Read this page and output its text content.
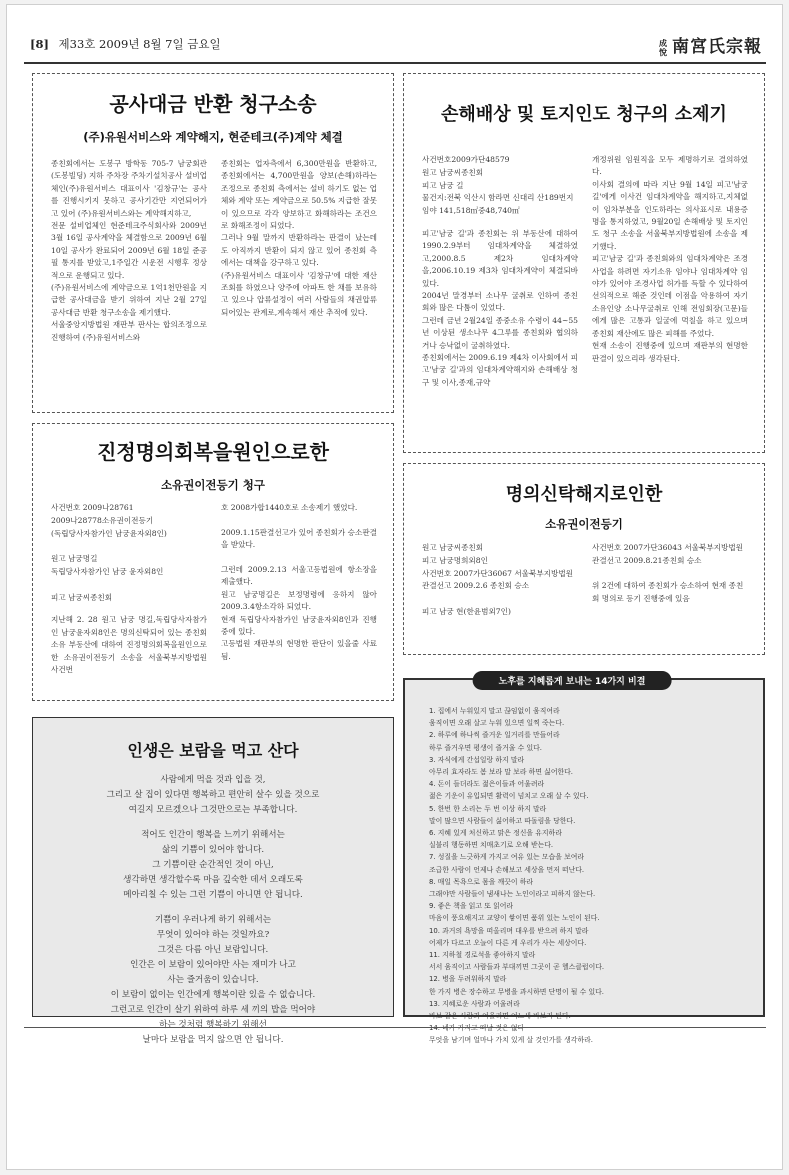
[8] 제33호 2009년 8월 7일 금요일	成 悅 南宮氏宗報
공사대금 반환 청구소송
(주)유원서비스와 계약해지, 현준테크(주)계약 체결
종친회에서는 도봉구 방학동 705-7 남궁회관(도봉빌딩) 지하 주차장 주차기설치공사 설비업체인(주)유원서비스 대표이사 '김창규'는 공사를 진행시키지 못하고 공사기간만 지연되어가고 있어 (주)유원서비스와는 계약해지하고,
전문 설비업체인 현준테크주식회사와 2009년 3월 16일 공사계약을 체결함으로 2009년 6월 10일 공사가 완료되어 2009년 6월 18일 준공필 통지를 받았고,1주일간 시운전 시행후 정상적으로 운행되고 있다.
(주)유원서비스에 계약금으로 1억1천만원을 지급한 공사대금을 받기 위하여 지난 2월 27일 공사대금 반환 청구소송을 제기했다.
서울중앙지방법원 재판부 판사는 합의조정으로 진행하여 (주)유원서비스와
종친회는 업자측에서 6,300만원을 반환하고,종친회에서는 4,700만원을 양보(손해)하라는 조정으로 종친회 측에서는 설비 하기도 없는 업체와 계약 또는 계약금으로 50.5% 지급한 잘못이 있으므로 각각 양보하고 화해하라는 조건으로 화해조정이 되었다.
그러나 9월 말까지 반환하라는 판결이 났는데도 아직까지 반환이 되지 않고 있어 종친회 측에서는 대책을 강구하고 있다.
(주)유원서비스 대표이사 '김창규'에 대한 재산조회를 하였으나 양주에 아파트 한 채를 보유하고 있으나 압류설정이 여러 사람들의 채권압류 되어있는 관계로,계속해서 재산 추적에 있다.
손해배상 및 토지인도 청구의 소제기
사건번호2009가단48579
원고 남궁씨종친회
피고 남궁 길
물건지:전북 익산시 함라면 신대리 산189번지
임야 141,518㎡중48,740㎡
피고'남궁 길'과 종친회는 위 부동산에 대하여 1990.2.9부터 임대차계약을 체결하였고,2000.8.5 제2차 임대차계약을,2006.10.19 제3차 임대차계약이 체결되바 있다.
2004년 말경부터 소나무 굴취로 인하여 종친회와 많은 다툼이 있었다.
그런데 금년 2월24일 종중소유 수령이 44~55년 이상된 생소나무 4그루를 종친회와 협의하거나 승낙없이 굴취하였다.
종친회에서는 2009.6.19 제4차 이사회에서 피고'남궁 길'과의 임대차계약해지와 손해배상 청구 및 이사,종재,규약
개정위원 임원직을 모두 제명하기로 결의하였다.
이사회 결의에 따라 지난 9월 14일 피고'남궁 길'에게 이사건 임대차계약을 해지하고,지체없이 임차부분을 인도하라는 의사표시로 내용증명을 통지하였고, 9월20일 손해배상 및 토지인도 청구 소송을 서울북부지방법원에 소송을 제기했다.
피고'남궁 길'과 종친회와의 임대차계약은 조경사업을 하려면 자기소유 임야나 임대차계약 임야가 있어야 조경사업 허가를 득할 수 있다하여 선의적으로 해준 것인데 이점을 악용하여 자기소유인양 소나무굴취로 인해 전임회장(고문)들에게 많은 고통과 일굴에 먹칠을 하고 있으며 종친회 재산에도 많은 피해를 주었다.
현재 소송이 진행중에 있으며 재판부의 현명한 판결이 있으리라 생각된다.
진정명의회복을원인으로한
소유권이전등기 청구
사건번호 2009나28761
2009나28778소유권이전등기
(독립당사자참가인 남궁윤자외8인)

원고 남궁명길
독립당사자참가인 남궁 윤자외8인

피고 남궁씨종친회
지난해 2. 28 원고 남궁 명길,독립당사자참가인 남궁윤자외8인은 명의신탁되어 있는 종친회소유 부동산에 대하여 진정명의회복을원인으로한 소유권이전등기 소송을 서울북부지방법원 사건번
호 2008가합1440호로 소송제기 했었다.

2009.1.15판결선고가 있어 종친회가 승소판결을 받았다.

그런데 2009.2.13 서울고등법원에 항소장을 제출했다.
원고 남궁명길은 보정명령에 응하지 않아 2009.3.4항소각하 되었다.
현재 독립당사자참가인 남궁윤자외8인과 진행중에 있다.
고등법원 재판부의 현명한 판단이 있을줄 사료됨.
명의신탁해지로인한
소유권이전등기
원고 남궁씨종친회
피고 남궁명희외8인
사건번호 2007가단36067 서울북부지방법원
관결선고 2009.2.6 종친회 승소

피고 남궁 현(한윤범외7인)
사건번호 2007가단36043 서울북부지방법원
관결선고 2009.8.21종친회 승소

위 2건에 대하여 종친회가 승소하여 현재 종친회 명의로 등기 진행중에 있음
인생은 보람을 먹고 산다
사람에게 먹을 것과 입을 것,
그리고 살 집이 있다면 행복하고 편안히 살수 있을 것으로
여길지 모르겠으나 그것만으로는 부족합니다.
적어도 인간이 행복을 느끼기 위해서는
삶의 기쁨이 있어야 합니다.
그 기쁨이란 순간적인 것이 아닌,
생각하면 생각할수록 마음 깊숙한 데서 오래도록
메아리칠 수 있는 그런 기쁨이 아니면 안 됩니다.
기쁨이 우러나게 하기 위해서는
무엇이 있어야 하는 것일까요?
그것은 다름 아닌 보람입니다.
인간은 이 보람이 있어야만 사는 재미가 나고
사는 즐거움이 있습니다.
이 보람이 없이는 인간에게 행복이란 있을 수 없습니다.
그런고로 인간이 살기 위하여 하루 세 끼의 밥을 먹어야
하는 것처럼 행복하기 위해선
날마다 보람을 먹지 않으면 안 됩니다.
노후를 지혜롭게 보내는 14가지 비결
1. 집에서 누워있지 말고 끊임없이 움직여라
움직이면 오래 살고 누워 있으면 일찍 죽는다.
2. 하루에 하나씩 즐거운 일거리를 만들어라
하루 즐거우면 평생이 즐거울 수 있다.
3. 자식에게 간섭일랑 하지 말라
아무리 효자라도 봄 보라 말 보라 하면 싫어한다.
4. 돈이 들더라도 젊은이들과 어울려라
젊은 기운이 유입되면 활력이 넘치고 오래 살 수 있다.
5. 한번 한 소리는 두 번 이상 하지 말라
말이 많으면 사람들이 싫어하고 따돌림을 당한다.
6. 지혜 있게 처신하고 맑은 정신을 유지하라
실불리 행동하면 치매초기로 오해 받는다.
7. 성질을 느긋하게 가지고 여유 있는 모습을 보여라
조급한 사람이 언제나 손해보고 세상을 먼저 떠난다.
8. 매일 목욕으로 몸을 깨끗이 하라
그래야만 사람들이 냄새나는 노인이라고 피하지 않는다.
9. 좋은 책을 읽고 또 읽어라
마음이 풍요해지고 교양이 쌓이면 품위 있는 노인이 된다.
10. 과거의 욕망을 떠올리며 대우를 받으려 하지 말라
어제가 다르고 오늘이 다른 게 우리가 사는 세상이다.
11. 지하철 경로석을 좋아하지 말라
서서 움직이고 사람들과 부대끼면 그곳이 곧 헬스클럽이다.
12. 병을 두려워하지 말라
한 가지 병은 장수하고 무병을 과시하면 단명이 될 수 있다.
13. 지혜로운 사람과 어울려라
바보 같은 사람과 어울리면 어느새 바보가 된다.
14. 네가 가지고 떠날 것은 없다
무엇을 남기며 얼마나 가치 있게 살 것인가를 생각하라.
